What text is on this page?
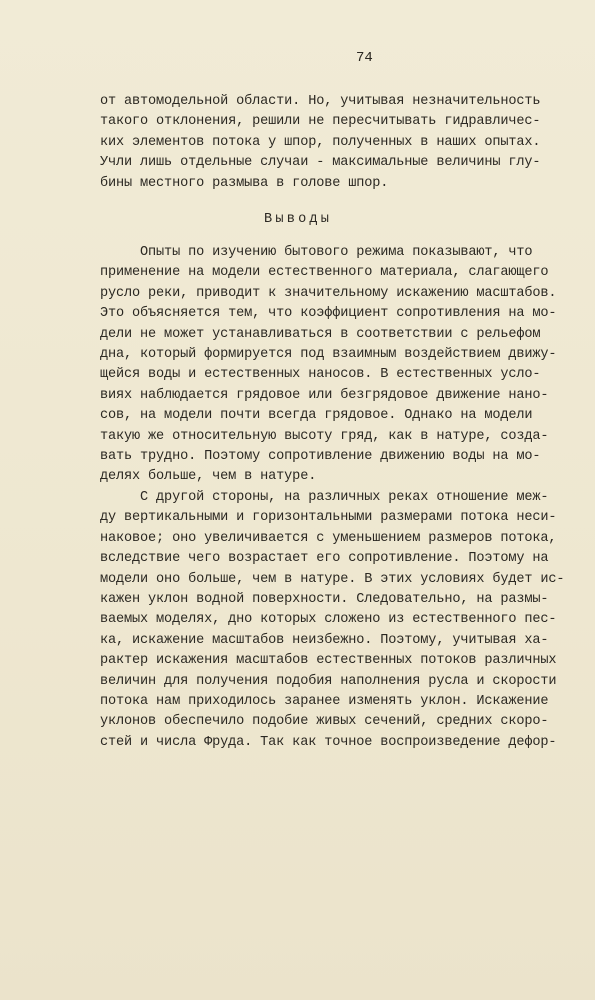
74
от автомодельной области. Но, учитывая незначительность
такого отклонения, решили не пересчитывать гидравличес-
ких элементов потока у шпор, полученных в наших опытах.
Учли лишь отдельные случаи - максимальные величины глу-
бины местного размыва в голове шпор.
Выводы
Опыты по изучению бытового режима показывают, что
применение на модели естественного материала, слагающего
русло реки, приводит к значительному искажению масштабов.
Это объясняется тем, что коэффициент сопротивления на мо-
дели не может устанавливаться в соответствии с рельефом
дна, который формируется под взаимным воздействием движу-
щейся воды и естественных наносов. В естественных усло-
виях наблюдается грядовое или безгрядовое движение нано-
сов, на модели почти всегда грядовое. Однако на модели
такую же относительную высоту гряд, как в натуре, созда-
вать трудно. Поэтому сопротивление движению воды на мо-
делях больше, чем в натуре.
С другой стороны, на различных реках отношение меж-
ду вертикальными и горизонтальными размерами потока неси-
наковое; оно увеличивается с уменьшением размеров потока,
вследствие чего возрастает его сопротивление. Поэтому на
модели оно больше, чем в натуре. В этих условиях будет ис-
кажен уклон водной поверхности. Следовательно, на размы-
ваемых моделях, дно которых сложено из естественного пес-
ка, искажение масштабов неизбежно. Поэтому, учитывая ха-
рактер искажения масштабов естественных потоков различных
величин для получения подобия наполнения русла и скорости
потока нам приходилось заранее изменять уклон. Искажение
уклонов обеспечило подобие живых сечений, средних скоро-
стей и числа Фруда. Так как точное воспроизведение дефор-
